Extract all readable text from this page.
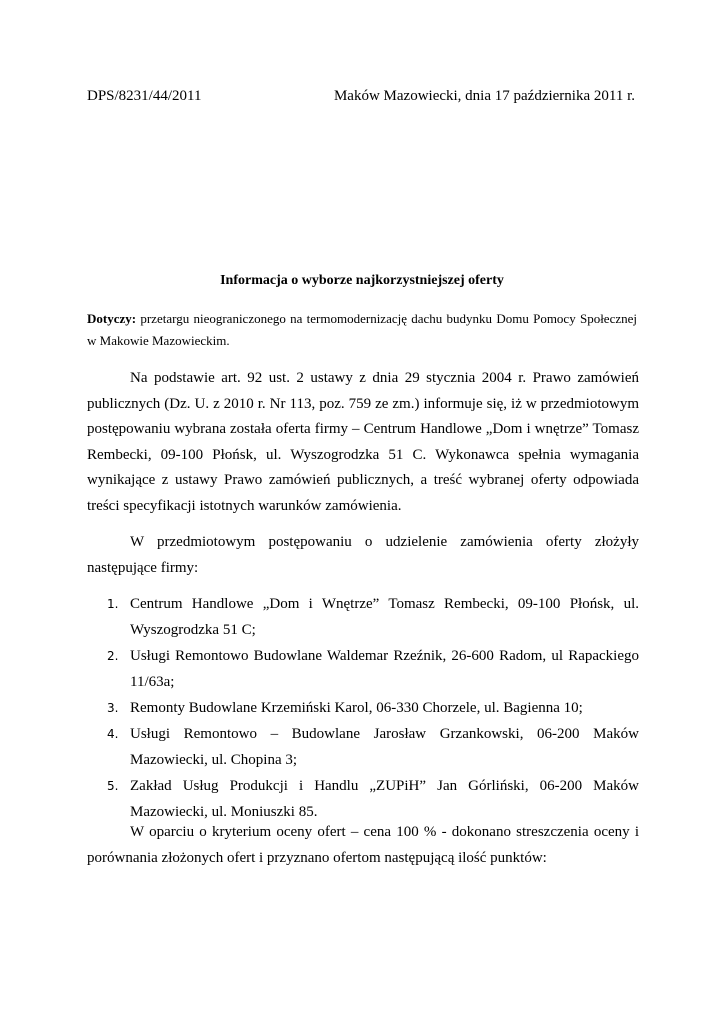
DPS/8231/44/2011	Maków Mazowiecki, dnia 17 października 2011 r.
Informacja o wyborze najkorzystniejszej oferty
Dotyczy: przetargu nieograniczonego na termomodernizację dachu budynku Domu Pomocy Społecznej w Makowie Mazowieckim.
Na podstawie art. 92 ust. 2 ustawy z dnia 29 stycznia 2004 r. Prawo zamówień publicznych (Dz. U. z 2010 r. Nr 113, poz. 759 ze zm.) informuje się, iż w przedmiotowym postępowaniu wybrana została oferta firmy – Centrum Handlowe „Dom i wnętrze” Tomasz Rembecki, 09-100 Płońsk, ul. Wyszogrodzka 51 C. Wykonawca spełnia wymagania wynikające z ustawy Prawo zamówień publicznych, a treść wybranej oferty odpowiada treści specyfikacji istotnych warunków zamówienia.
W przedmiotowym postępowaniu o udzielenie zamówienia oferty złożyły następujące firmy:
1. Centrum Handlowe „Dom i Wnętrze” Tomasz Rembecki, 09-100 Płońsk, ul. Wyszogrodzka 51 C;
2. Usługi Remontowo Budowlane Waldemar Rzeźnik, 26-600 Radom, ul Rapackiego 11/63a;
3. Remonty Budowlane Krzemiński Karol, 06-330 Chorzele, ul. Bagienna 10;
4. Usługi Remontowo – Budowlane Jarosław Grzankowski, 06-200 Maków Mazowiecki, ul. Chopina 3;
5. Zakład Usług Produkcji i Handlu „ZUPiH” Jan Górliński, 06-200 Maków Mazowiecki, ul. Moniuszki 85.
W oparciu o kryterium oceny ofert – cena 100 % - dokonano streszczenia oceny i porównania złożonych ofert i przyznano ofertom następującą ilość punktów:
